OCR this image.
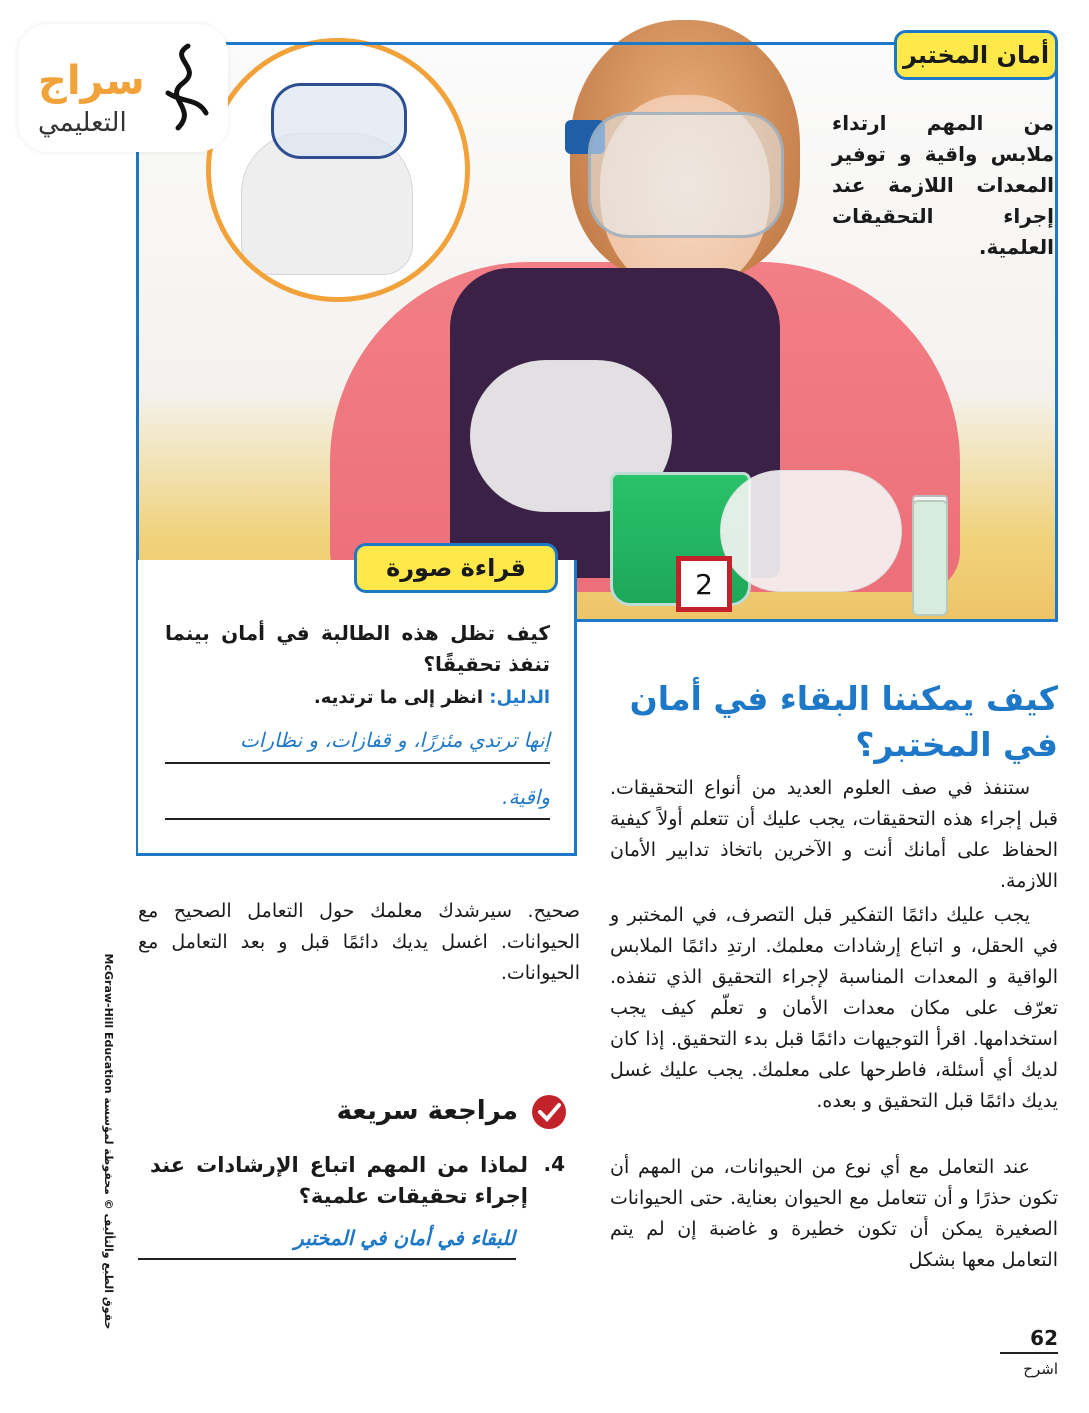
2
سراج
التعليمي
أمان المختبر
من المهم ارتداء ملابس واقية و توفير المعدات اللازمة عند إجراء التحقيقات العلمية.
قراءة صورة
كيف تظل هذه الطالبة في أمان بينما تنفذ تحقيقًا؟
الدليل: انظر إلى ما ترتديه.
إنها ترتدي مئزرًا، و قفازات، و نظارات
واقية.
كيف يمكننا البقاء في أمان في المختبر؟
ستنفذ في صف العلوم العديد من أنواع التحقيقات. قبل إجراء هذه التحقيقات، يجب عليك أن تتعلم أولاً كيفية الحفاظ على أمانك أنت و الآخرين باتخاذ تدابير الأمان اللازمة.
يجب عليك دائمًا التفكير قبل التصرف، في المختبر و في الحقل، و اتباع إرشادات معلمك. ارتدِ دائمًا الملابس الواقية و المعدات المناسبة لإجراء التحقيق الذي تنفذه. تعرّف على مكان معدات الأمان و تعلّم كيف يجب استخدامها. اقرأ التوجيهات دائمًا قبل بدء التحقيق. إذا كان لديك أي أسئلة، فاطرحها على معلمك. يجب عليك غسل يديك دائمًا قبل التحقيق و بعده.
عند التعامل مع أي نوع من الحيوانات، من المهم أن تكون حذرًا و أن تتعامل مع الحيوان بعناية. حتى الحيوانات الصغيرة يمكن أن تكون خطيرة و غاضبة إن لم يتم التعامل معها بشكل
صحيح. سيرشدك معلمك حول التعامل الصحيح مع الحيوانات. اغسل يديك دائمًا قبل و بعد التعامل مع الحيوانات.
مراجعة سريعة
4.
لماذا من المهم اتباع الإرشادات عند إجراء تحقيقات علمية؟
للبقاء في أمان في المختبر
حقوق الطبع والتأليف © محفوظة لمؤسسة McGraw-Hill Education
62
اشرح
